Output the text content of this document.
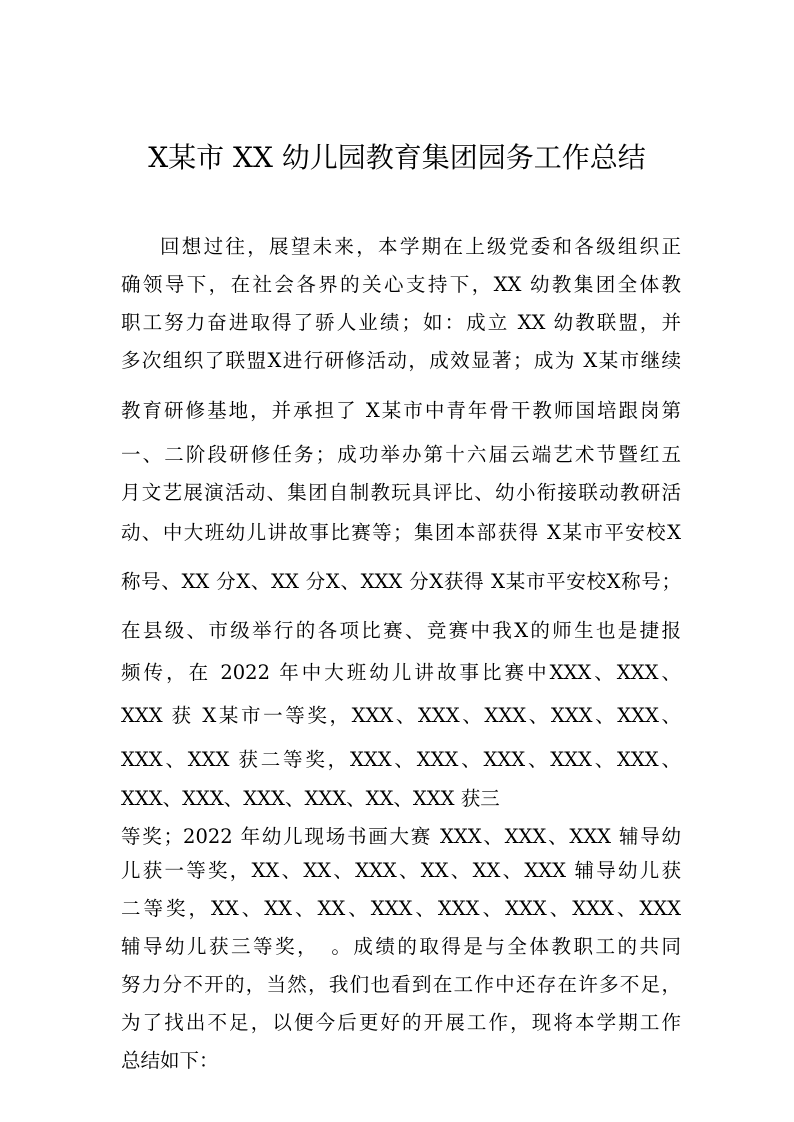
X某市 XX 幼儿园教育集团园务工作总结
回想过往，展望未来，本学期在上级党委和各级组织正
确领导下，在社会各界的关心支持下，XX 幼教集团全体教
职工努力奋进取得了骄人业绩；如：成立 XX 幼教联盟，并
多次组织了联盟X进行研修活动，成效显著；成为 X某市继续
教育研修基地，并承担了 X某市中青年骨干教师国培跟岗第
一、二阶段研修任务；成功举办第十六届云端艺术节暨红五
月文艺展演活动、集团自制教玩具评比、幼小衔接联动教研活
动、中大班幼儿讲故事比赛等；集团本部获得 X某市平安校X
称号、XX 分X、XX 分X、XXX 分X获得 X某市平安校X称号；
在县级、市级举行的各项比赛、竞赛中我X的师生也是捷报
频传，在 2022 年中大班幼儿讲故事比赛中XXX、XXX、
XXX 获 X某市一等奖，XXX、XXX、XXX、XXX、XXX、
XXX、XXX 获二等奖，XXX、XXX、XXX、XXX、XXX、
XXX、XXX、XXX、XXX、XX、XXX 获三
等奖；2022 年幼儿现场书画大赛 XXX、XXX、XXX 辅导幼
儿获一等奖，XX、XX、XXX、XX、XX、XXX 辅导幼儿获
二等奖，XX、XX、XX、XXX、XXX、XXX、XXX、XXX
辅导幼儿获三等奖，　。成绩的取得是与全体教职工的共同
努力分不开的，当然，我们也看到在工作中还存在许多不足，
为了找出不足，以便今后更好的开展工作，现将本学期工作
总结如下：
